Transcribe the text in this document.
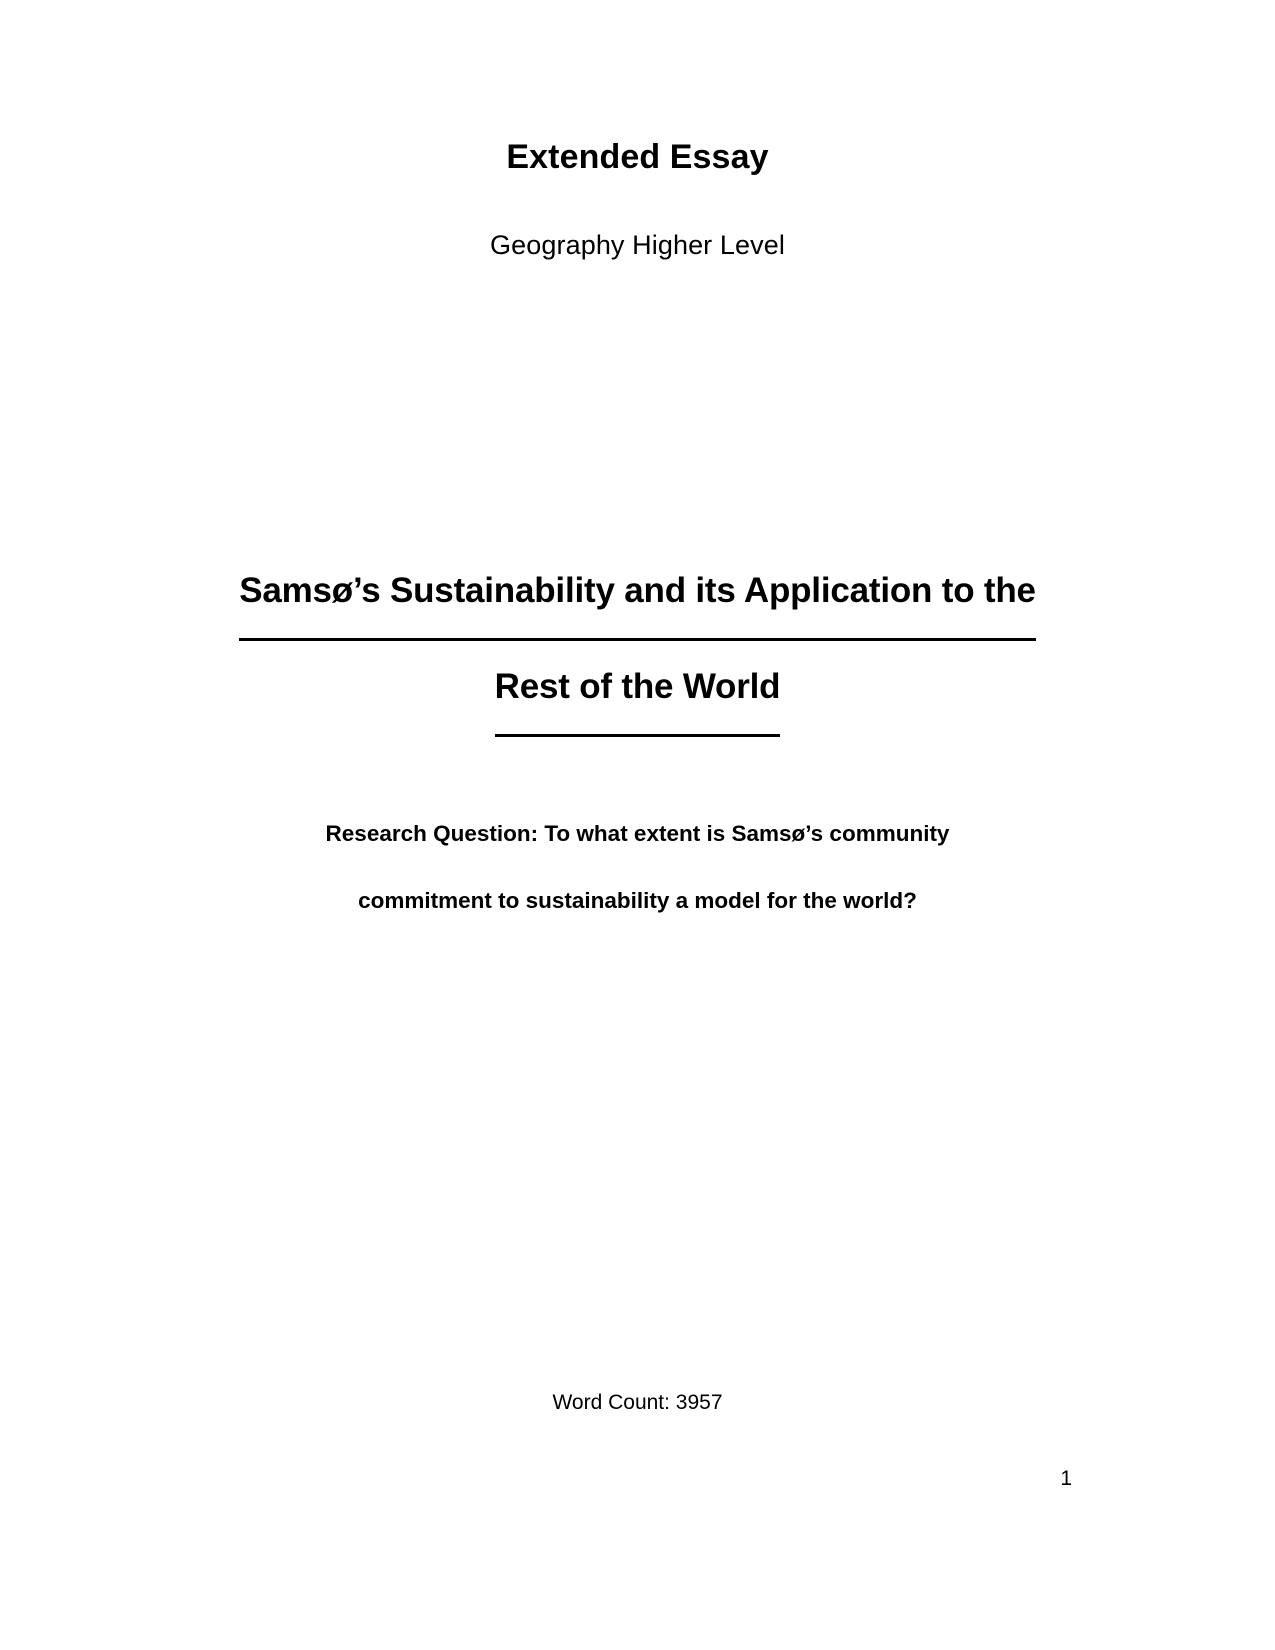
Extended Essay
Geography Higher Level
Samsø’s Sustainability and its Application to the
Rest of the World
Research Question: To what extent is Samsø’s community
commitment to sustainability a model for the world?
Word Count: 3957
1
